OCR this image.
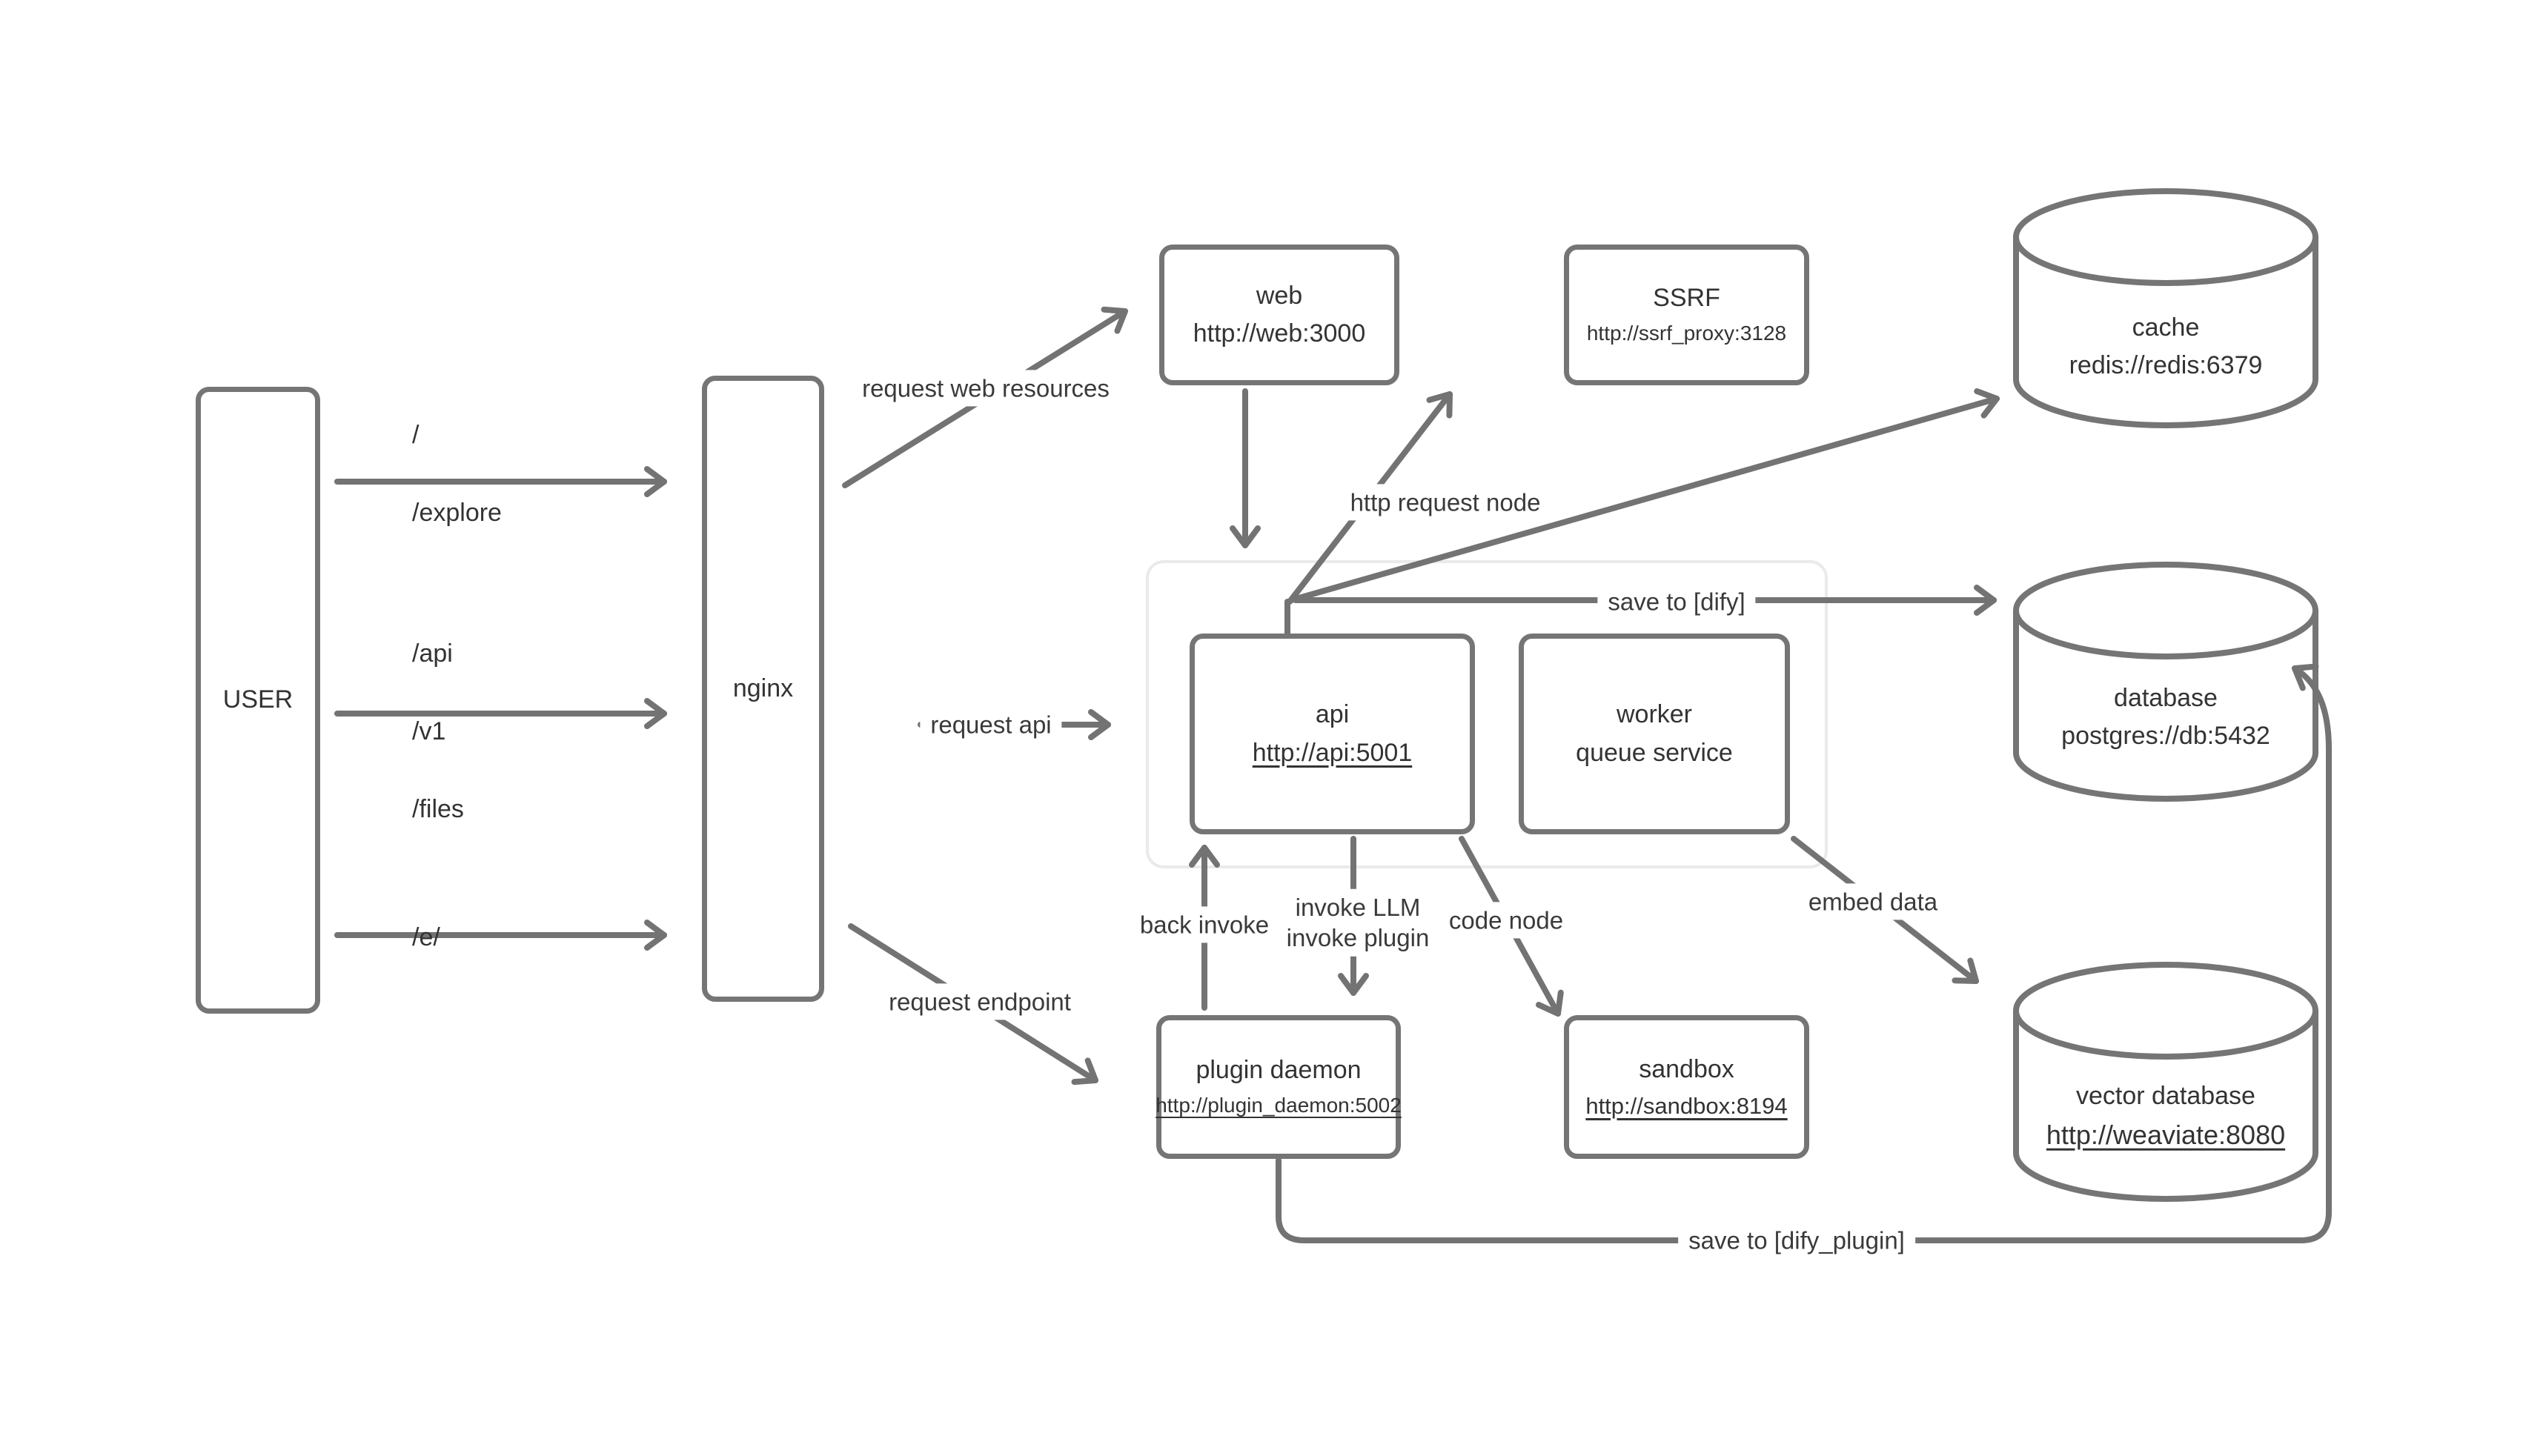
USER	nginx
web
http://web:3000
SSRF
http://ssrf_proxy:3128
api
http://api:5001
worker
queue service
plugin daemon
http://plugin_daemon:5002
sandbox
http://sandbox:8194
cache
redis://redis:6379
database
postgres://db:5432
vector database
http://weaviate:8080

/

/explore

/api

/v1

/files

/e/

request web resources
request api
request endpoint
http request node
save to [dify]
back invoke
invoke LLM
invoke plugin
code node
embed data
save to [dify_plugin]
